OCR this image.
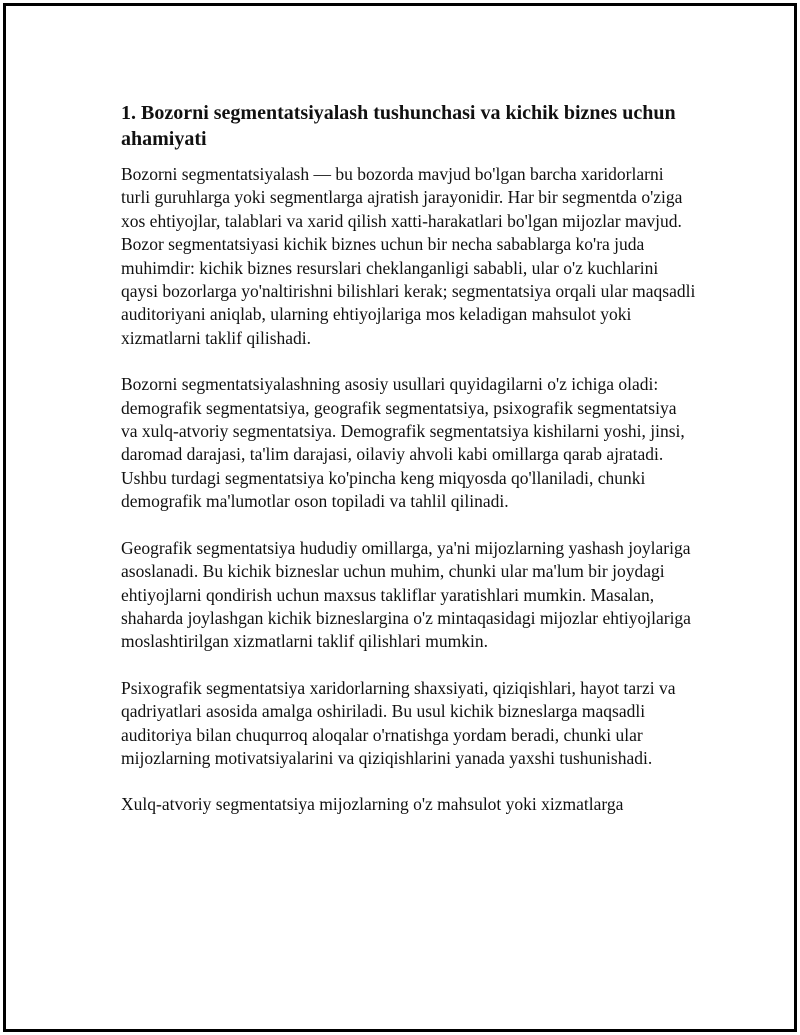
1. Bozorni segmentatsiyalash tushunchasi va kichik biznes uchun ahamiyati

Bozorni segmentatsiyalash — bu bozorda mavjud bo'lgan barcha xaridorlarni turli guruhlarga yoki segmentlarga ajratish jarayonidir. Har bir segmentda o'ziga xos ehtiyojlar, talablari va xarid qilish xatti-harakatlari bo'lgan mijozlar mavjud. Bozor segmentatsiyasi kichik biznes uchun bir necha sabablarga ko'ra juda muhimdir: kichik biznes resurslari cheklanganligi sababli, ular o'z kuchlarini qaysi bozorlarga yo'naltirishni bilishlari kerak; segmentatsiya orqali ular maqsadli auditoriyani aniqlab, ularning ehtiyojlariga mos keladigan mahsulot yoki xizmatlarni taklif qilishadi.

Bozorni segmentatsiyalashning asosiy usullari quyidagilarni o'z ichiga oladi: demografik segmentatsiya, geografik segmentatsiya, psixografik segmentatsiya va xulq-atvoriy segmentatsiya. Demografik segmentatsiya kishilarni yoshi, jinsi, daromad darajasi, ta'lim darajasi, oilaviy ahvoli kabi omillarga qarab ajratadi. Ushbu turdagi segmentatsiya ko'pincha keng miqyosda qo'llaniladi, chunki demografik ma'lumotlar oson topiladi va tahlil qilinadi.

Geografik segmentatsiya hududiy omillarga, ya'ni mijozlarning yashash joylariga asoslanadi. Bu kichik bizneslar uchun muhim, chunki ular ma'lum bir joydagi ehtiyojlarni qondirish uchun maxsus takliflar yaratishlari mumkin. Masalan, shaharda joylashgan kichik bizneslargina o'z mintaqasidagi mijozlar ehtiyojlariga moslashtirilgan xizmatlarni taklif qilishlari mumkin.

Psixografik segmentatsiya xaridorlarning shaxsiyati, qiziqishlari, hayot tarzi va qadriyatlari asosida amalga oshiriladi. Bu usul kichik bizneslarga maqsadli auditoriya bilan chuqurroq aloqalar o'rnatishga yordam beradi, chunki ular mijozlarning motivatsiyalarini va qiziqishlarini yanada yaxshi tushunishadi.

Xulq-atvoriy segmentatsiya mijozlarning o'z mahsulot yoki xizmatlarga
